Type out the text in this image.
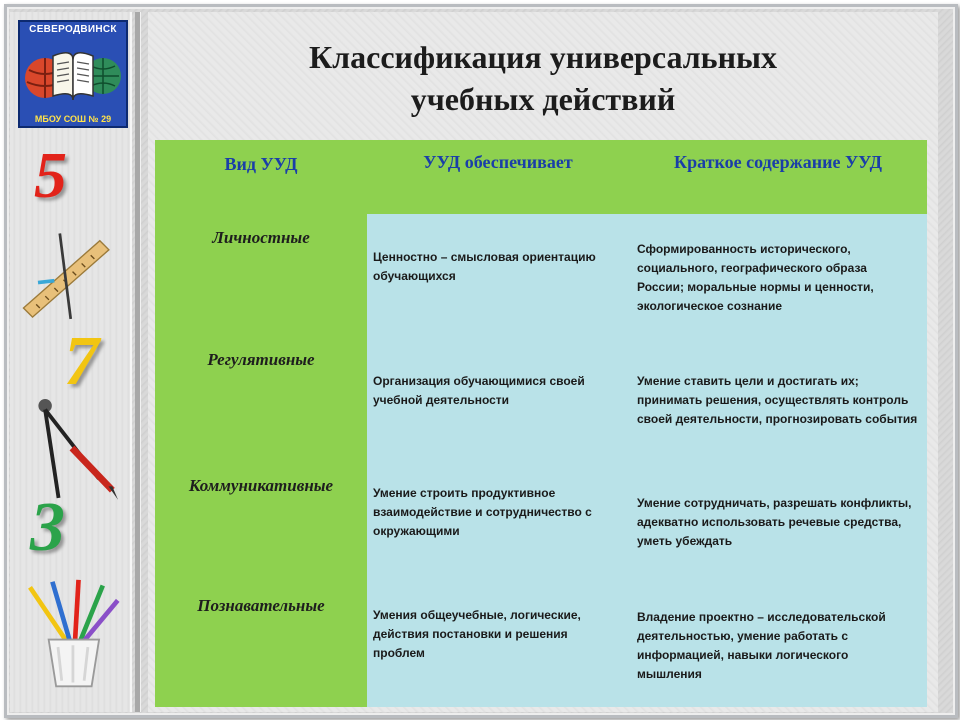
СЕВЕРОДВИНСК
МБОУ СОШ № 29
5
7
3
Классификация универсальных
учебных действий
Вид УУД	УУД обеспечивает	Краткое содержание УУД
Личностные
Регулятивные
Коммуникативные
Познавательные
Ценностно – смысловая ориентацию обучающихся
Сформированность исторического, социального, географического образа России; моральные нормы и ценности, экологическое сознание
Организация обучающимися своей учебной деятельности
Умение ставить цели и достигать их; принимать решения, осуществлять контроль своей деятельности, прогнозировать события
Умение строить продуктивное взаимодействие и сотрудничество с окружающими
Умение сотрудничать, разрешать конфликты, адекватно использовать речевые средства, уметь убеждать
Умения общеучебные, логические, действия постановки и решения проблем
Владение проектно – исследовательской деятельностью, умение работать с информацией, навыки логического мышления
